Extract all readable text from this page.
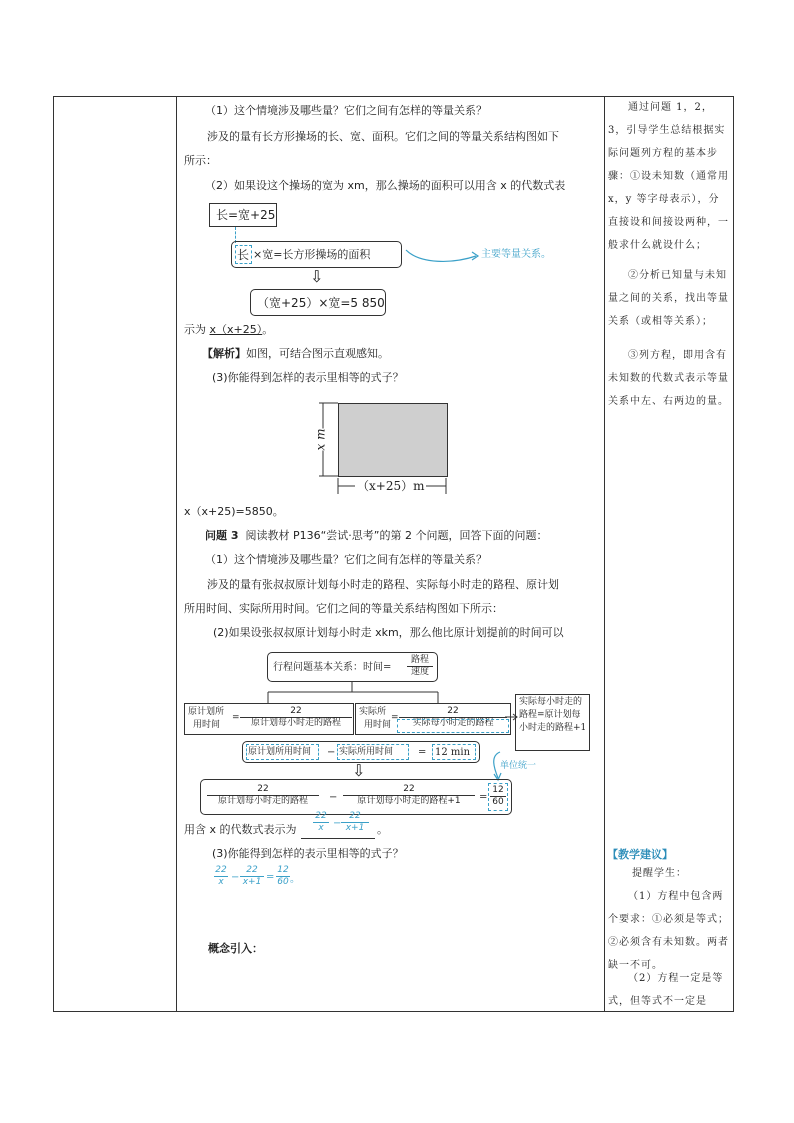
（1）这个情境涉及哪些量？它们之间有怎样的等量关系？
涉及的量有长方形操场的长、宽、面积。它们之间的等量关系结构图如下
所示：
（2）如果设这个操场的宽为 xm，那么操场的面积可以用含 x 的代数式表
长=宽+25
长 ×宽=长方形操场的面积	主要等量关系。
⇩
（宽+25）×宽=5 850
示为 x（x+25）。
【解析】如图，可结合图示直观感知。
(3)你能得到怎样的表示里相等的式子？
x m
（x+25）m
x（x+25)=5850。
问题 3 阅读教材 P136“尝试·思考”的第 2 个问题，回答下面的问题：
（1）这个情境涉及哪些量？它们之间有怎样的等量关系？
涉及的量有张叔叔原计划每小时走的路程、实际每小时走的路程、原计划
所用时间、实际所用时间。它们之间的等量关系结构图如下所示：
(2)如果设张叔叔原计划每小时走 xkm，那么他比原计划提前的时间可以
行程问题基本关系：时间=
路程
速度
原计划所
用时间
=
22
原计划每小时走的路程
实际所
用时间
=
22
实际每小时走的路程
实际每小时走的路程=原计划每小时走的路程+1
原计划所用时间 − 实际所用时间 = 12 min
单位统一
⇩
22
原计划每小时走的路程	−
22
原计划每小时走的路程+1	= $\frac{12}{60}$
用含 x 的代数式表示为
22
x −
22
x+1	。
(3)你能得到怎样的表示里相等的式子？
22
x −
22
x+1 =
12
60 。
概念引入：
通过问题 1，2，3，引导学生总结根据实际问题列方程的基本步骤：①设未知数（通常用 x，y 等字母表示），分直接设和间接设两种，一般求什么就设什么；
②分析已知量与未知量之间的关系，找出等量关系（或相等关系）；
③列方程，即用含有未知数的代数式表示等量关系中左、右两边的量。
【教学建议】
提醒学生：
（1）方程中包含两个要求：①必须是等式；②必须含有未知数。两者缺一不可。
（2）方程一定是等式，但等式不一定是
